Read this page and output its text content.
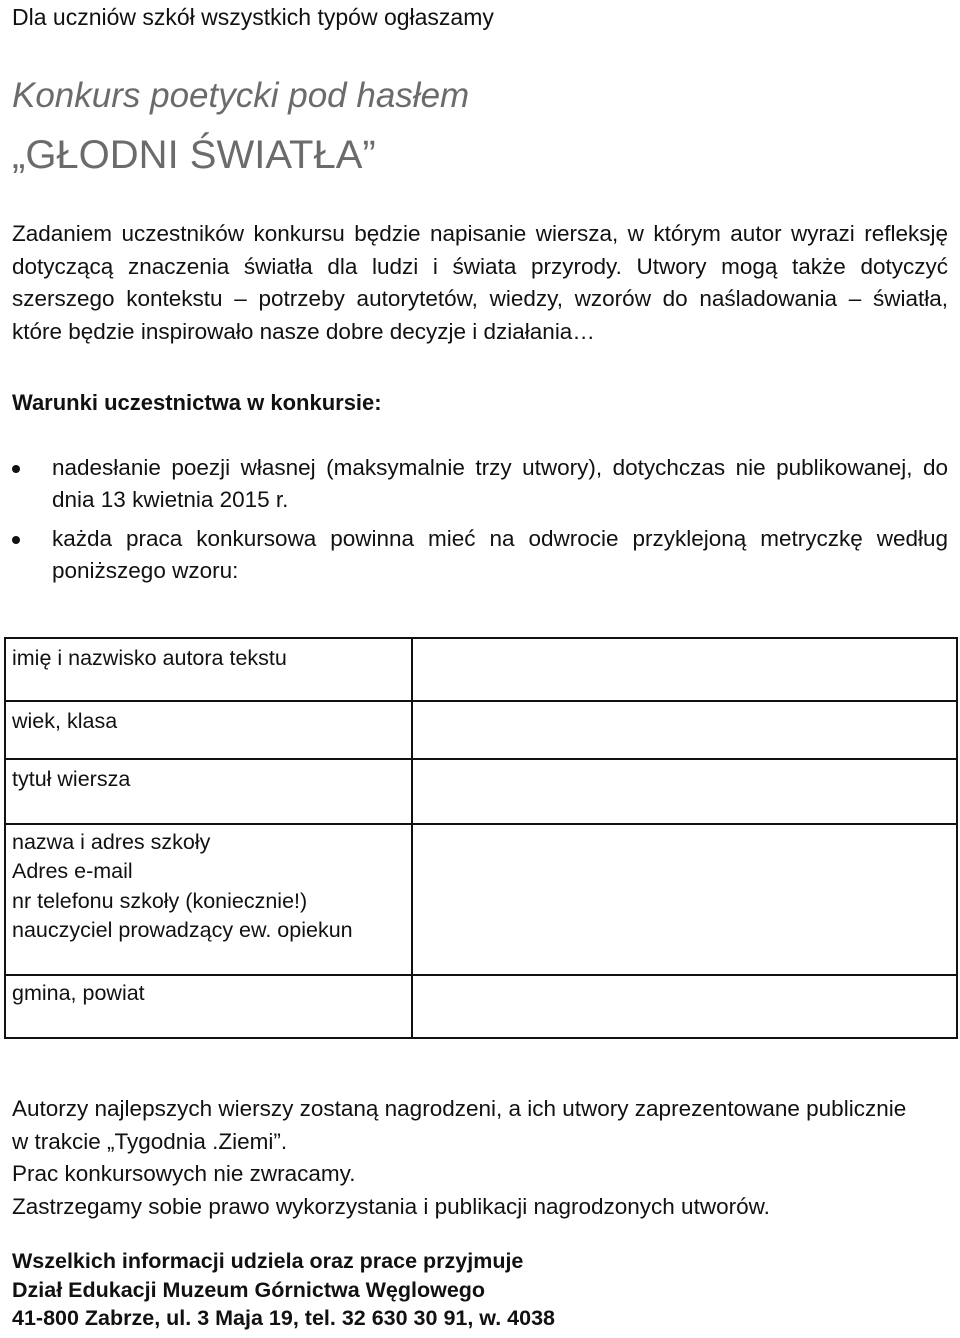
Dla uczniów szkół wszystkich typów ogłaszamy

Konkurs poetycki pod hasłem
„GŁODNI ŚWIATŁA”

Zadaniem uczestników konkursu będzie napisanie wiersza, w którym autor wyrazi refleksję dotyczącą znaczenia światła dla ludzi i świata przyrody. Utwory mogą także dotyczyć szerszego kontekstu – potrzeby autorytetów, wiedzy, wzorów do naśladowania – światła, które będzie inspirowało nasze dobre decyzje i działania…

Warunki uczestnictwa w konkursie:
nadesłanie poezji własnej (maksymalnie trzy utwory), dotychczas nie publikowanej, do dnia 13 kwietnia 2015 r.
każda praca konkursowa powinna mieć na odwrocie przyklejoną metryczkę według poniższego wzoru:
imię i nazwisko autora tekstu	

wiek, klasa	

tytuł wiersza	

nazwa i adres szkoły
Adres e-mail
nr telefonu szkoły (koniecznie!)
nauczyciel prowadzący ew. opiekun	

gmina, powiat	

Autorzy najlepszych wierszy zostaną nagrodzeni, a ich utwory zaprezentowane publicznie
w trakcie „Tygodnia .Ziemi”.
Prac konkursowych nie zwracamy.
Zastrzegamy sobie prawo wykorzystania i publikacji nagrodzonych utworów.

Wszelkich informacji udziela oraz prace przyjmuje
Dział Edukacji Muzeum Górnictwa Węglowego
41-800 Zabrze, ul. 3 Maja 19, tel. 32 630 30 91, w. 4038
